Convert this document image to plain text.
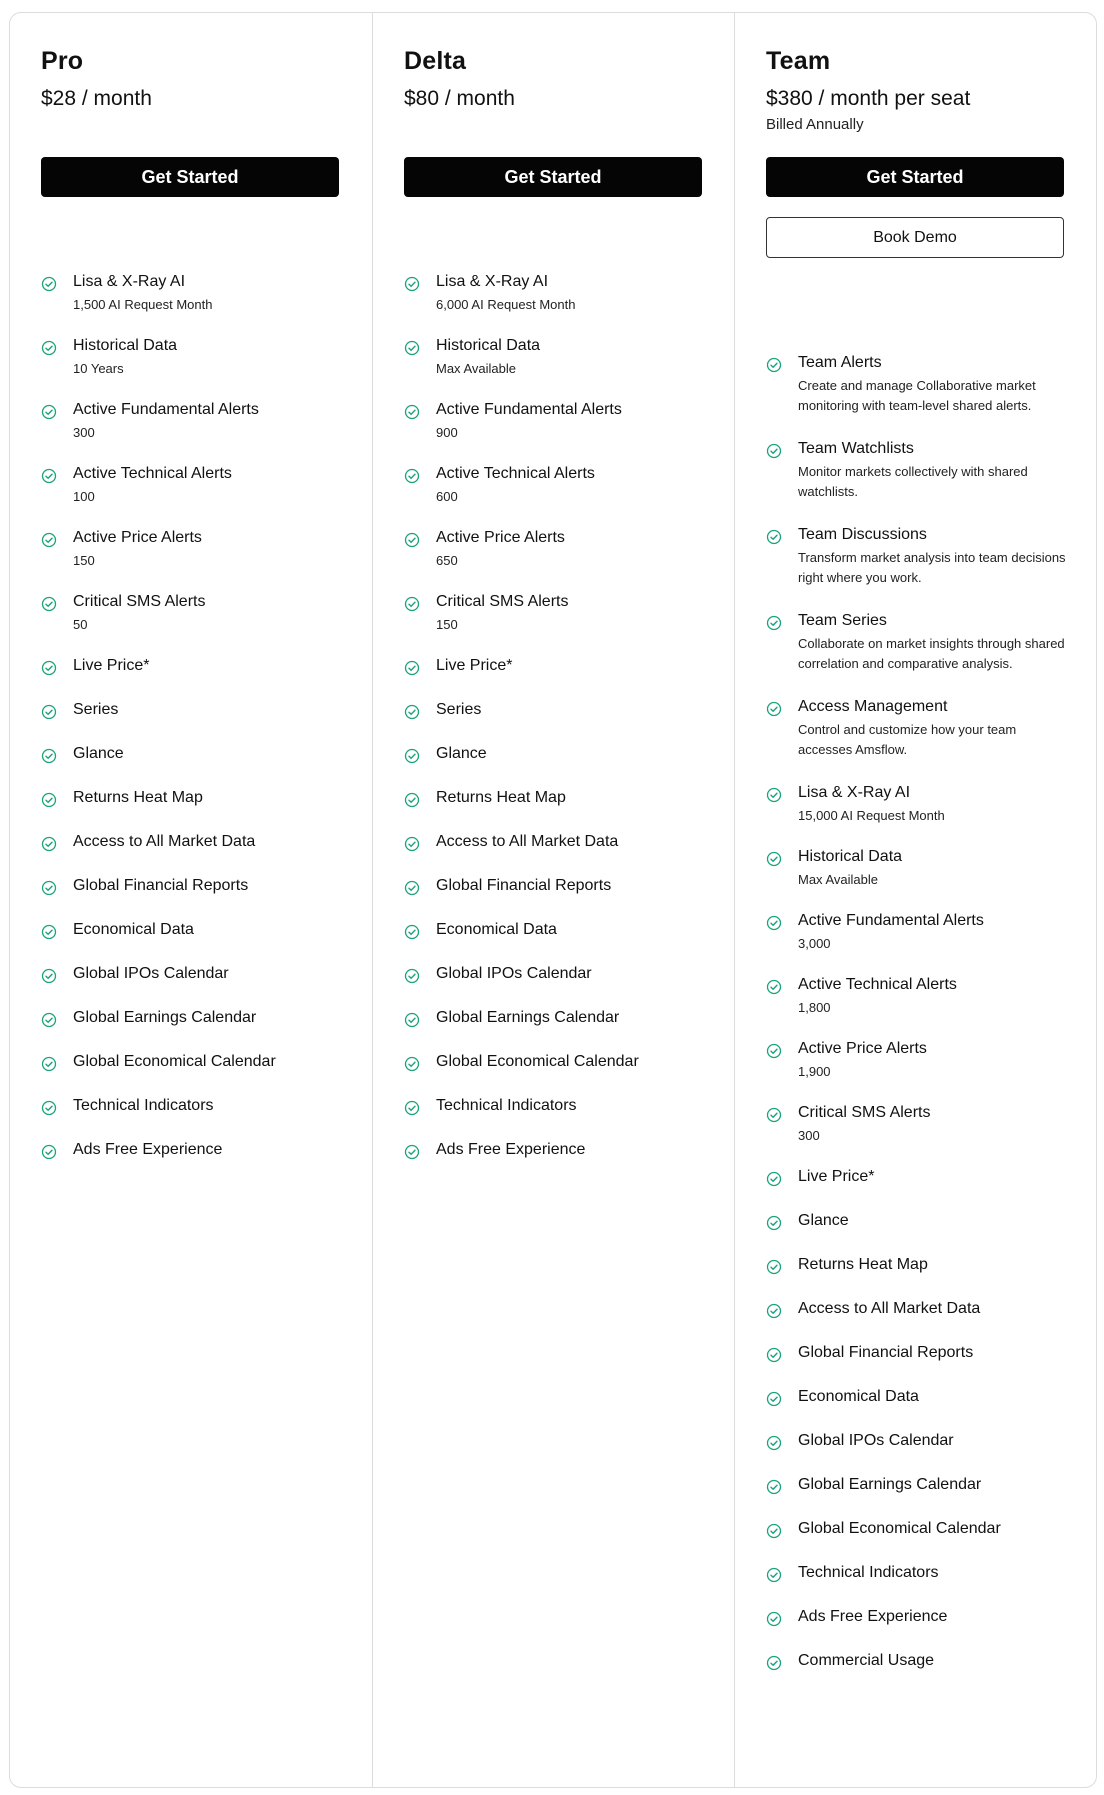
Pro
$28 / month
Get Started
Lisa & X-Ray AI
1,500 AI Request Month
Historical Data
10 Years
Active Fundamental Alerts
300
Active Technical Alerts
100
Active Price Alerts
150
Critical SMS Alerts
50
Live Price*
Series
Glance
Returns Heat Map
Access to All Market Data
Global Financial Reports
Economical Data
Global IPOs Calendar
Global Earnings Calendar
Global Economical Calendar
Technical Indicators
Ads Free Experience
Delta
$80 / month
Get Started
Lisa & X-Ray AI
6,000 AI Request Month
Historical Data
Max Available
Active Fundamental Alerts
900
Active Technical Alerts
600
Active Price Alerts
650
Critical SMS Alerts
150
Live Price*
Series
Glance
Returns Heat Map
Access to All Market Data
Global Financial Reports
Economical Data
Global IPOs Calendar
Global Earnings Calendar
Global Economical Calendar
Technical Indicators
Ads Free Experience
Team
$380 / month per seat
Billed Annually
Get Started
Book Demo
Team Alerts
Create and manage Collaborative market monitoring with team-level shared alerts.
Team Watchlists
Monitor markets collectively with shared watchlists.
Team Discussions
Transform market analysis into team decisions right where you work.
Team Series
Collaborate on market insights through shared correlation and comparative analysis.
Access Management
Control and customize how your team accesses Amsflow.
Lisa & X-Ray AI
15,000 AI Request Month
Historical Data
Max Available
Active Fundamental Alerts
3,000
Active Technical Alerts
1,800
Active Price Alerts
1,900
Critical SMS Alerts
300
Live Price*
Glance
Returns Heat Map
Access to All Market Data
Global Financial Reports
Economical Data
Global IPOs Calendar
Global Earnings Calendar
Global Economical Calendar
Technical Indicators
Ads Free Experience
Commercial Usage
